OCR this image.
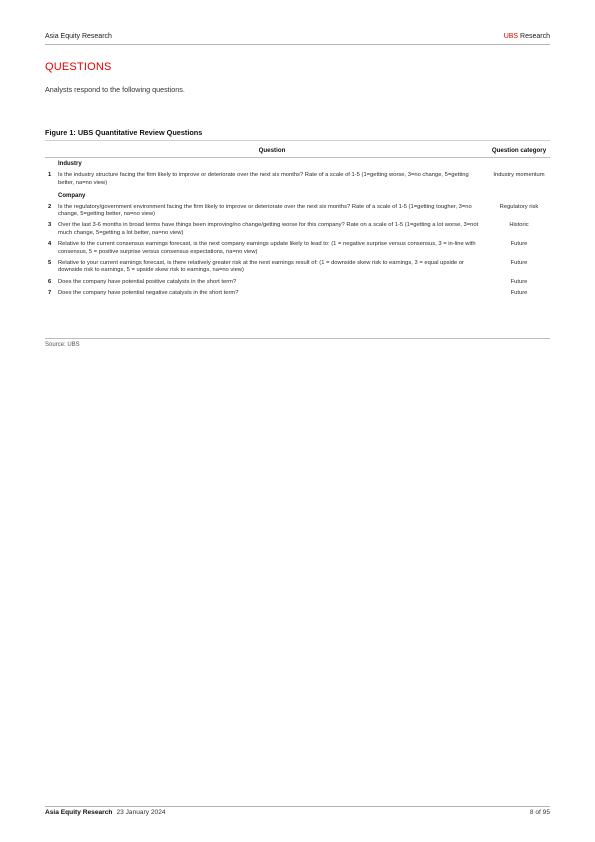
Asia Equity Research	UBS Research
QUESTIONS
Analysts respond to the following questions.
Figure 1: UBS Quantitative Review Questions
	Question	Question category
	Industry	
1	Is the industry structure facing the firm likely to improve or deteriorate over the next six months? Rate of a scale of 1-5 (1=getting worse, 3=no change, 5=getting better, na=no view)	Industry momentum
	Company	
2	Is the regulatory/government environment facing the firm likely to improve or deteriorate over the next six months? Rate of a scale of 1-5 (1=getting tougher, 3=no change, 5=getting better, na=no view)	Regulatory risk
3	Over the last 3-6 months in broad terms have things been improving/no change/getting worse for this company? Rate on a scale of 1-5 (1=getting a lot worse, 3=not much change, 5=getting a lot better, na=no view)	Historic
4	Relative to the current consensus earnings forecast, is the next company earnings update likely to lead to: (1 = negative surprise versus consensus, 3 = in-line with consensus, 5 = positive surprise versus consensus expectations, na=no view)	Future
5	Relative to your current earnings forecast, is there relatively greater risk at the next earnings result of: (1 = downside skew risk to earnings, 3 = equal upside or downside risk to earnings, 5 = upside skew risk to earnings, na=no view)	Future
6	Does the company have potential positive catalysts in the short term?	Future
7	Does the company have potential negative catalysts in the short term?	Future
Source: UBS
Asia Equity Research 23 January 2024	8 of 95
